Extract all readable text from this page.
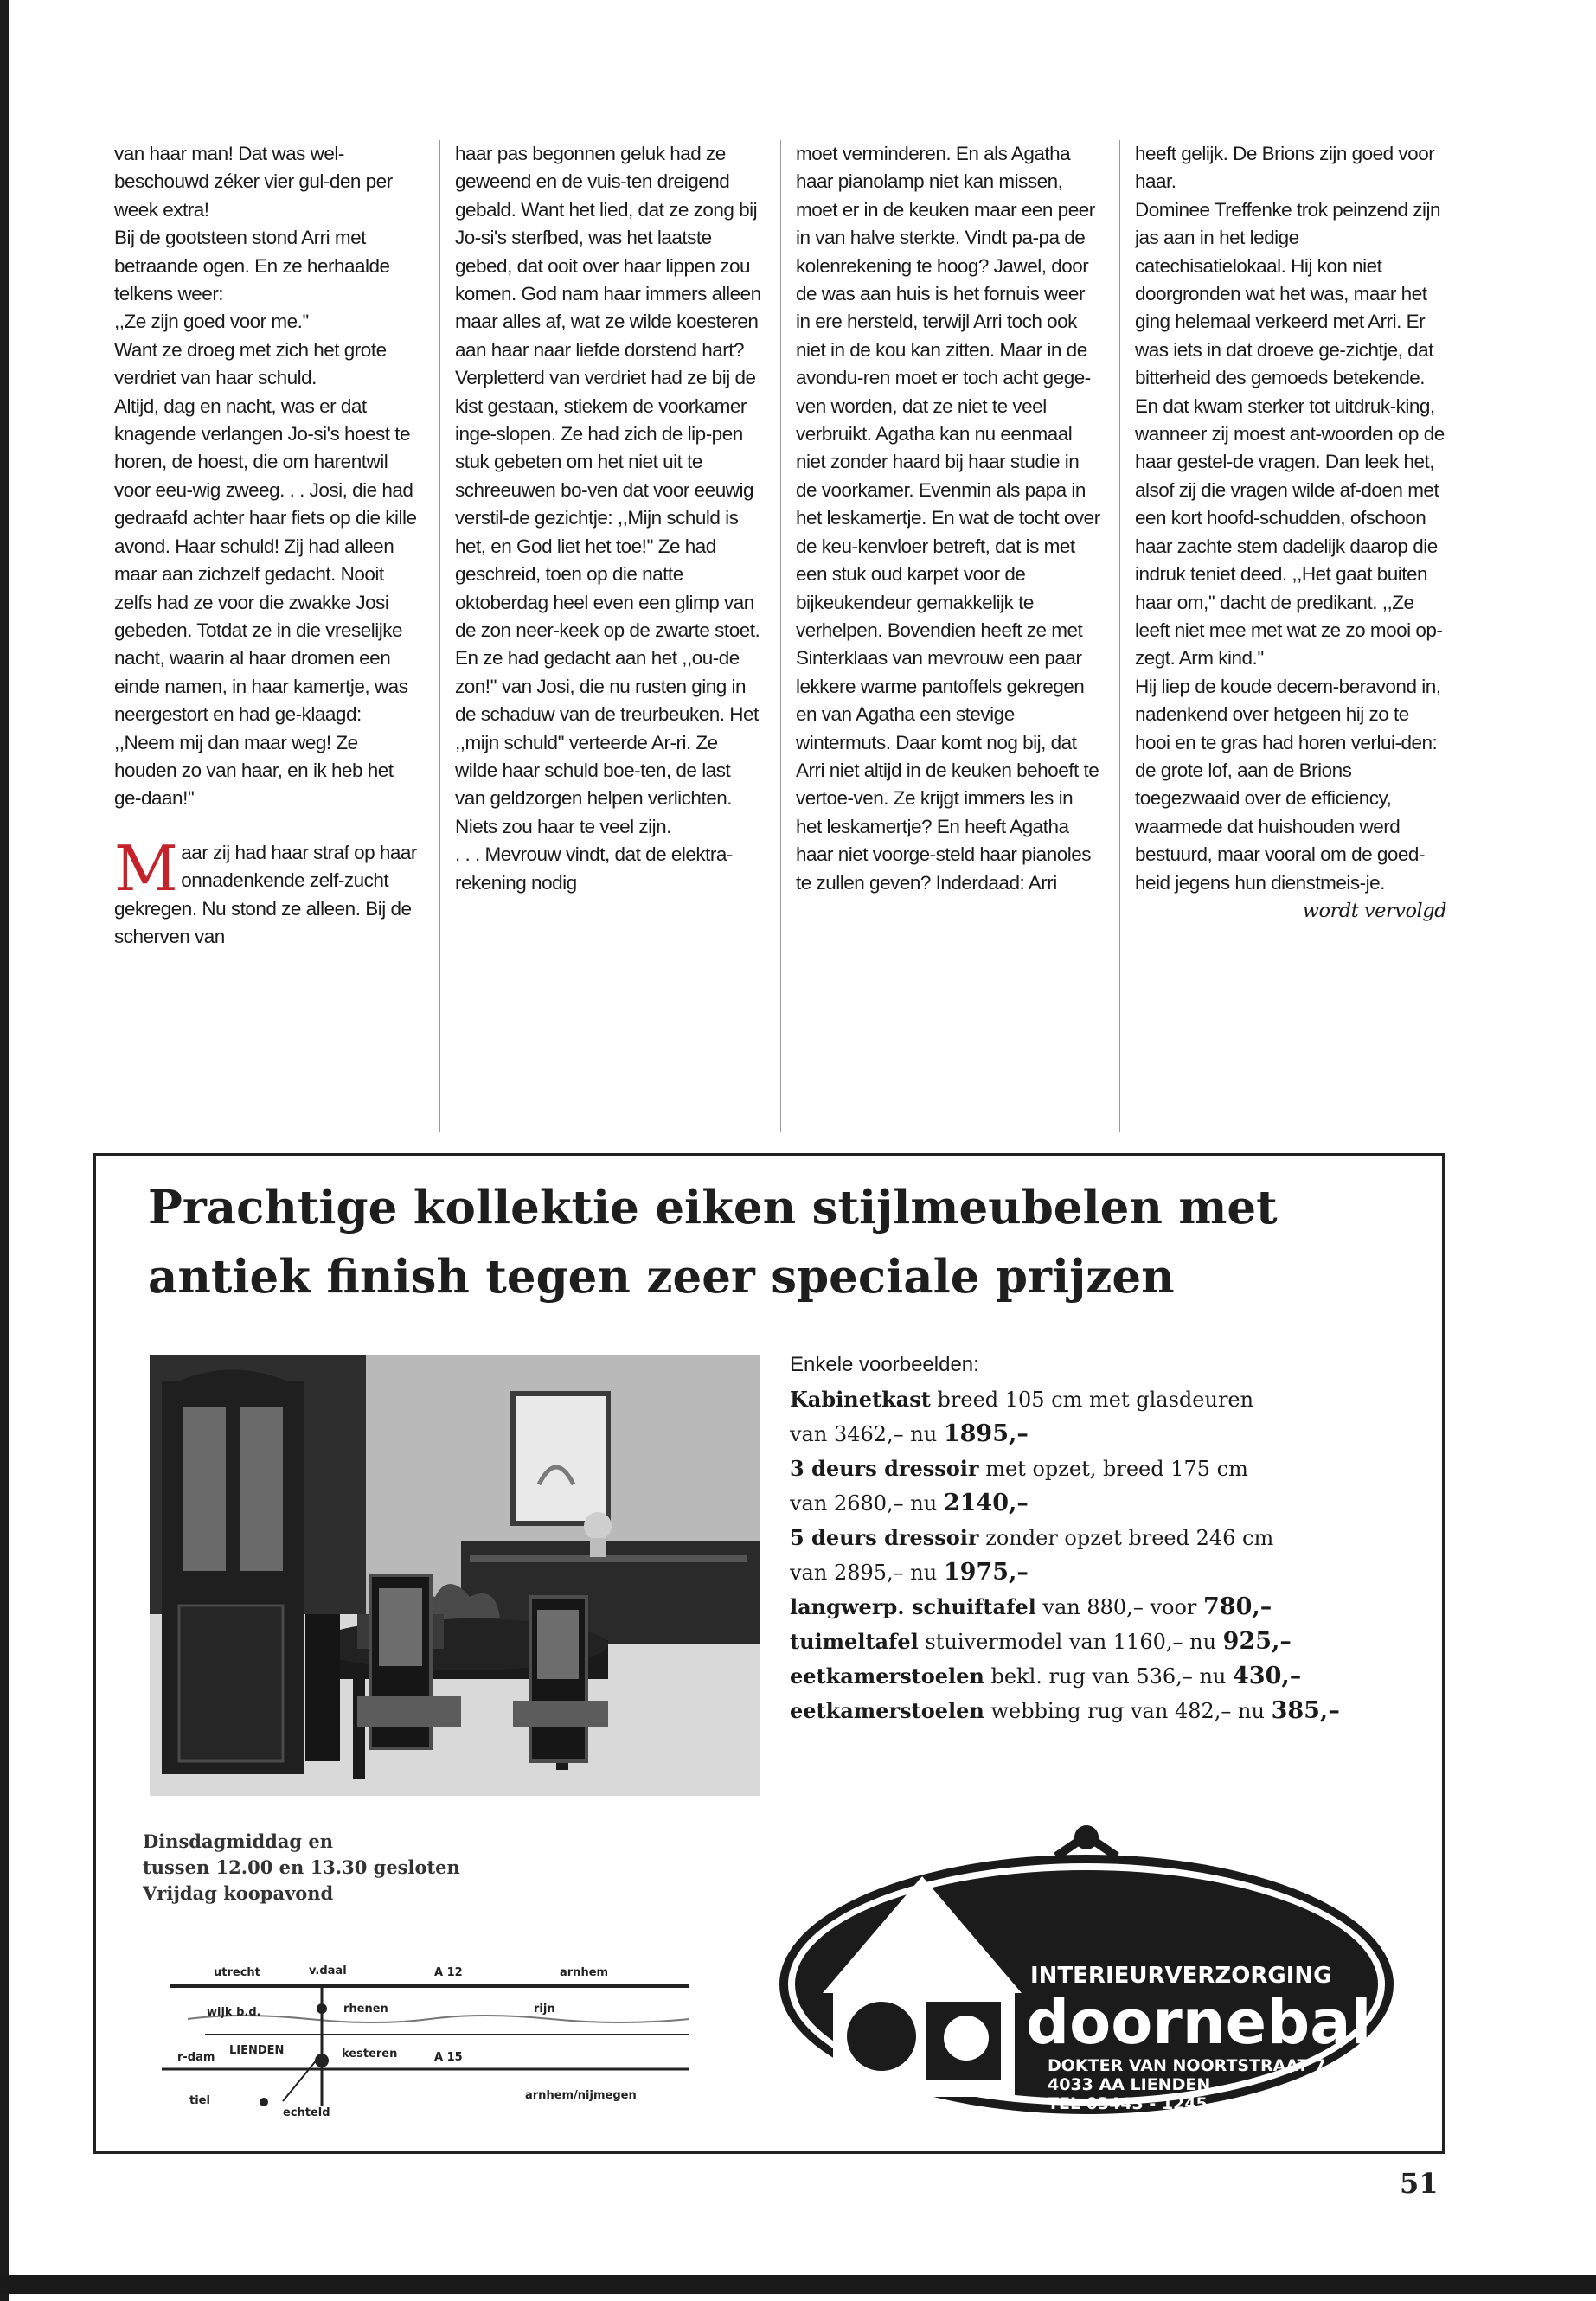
van haar man! Dat was wel-beschouwd zéker vier gul-den per week extra!

Bij de gootsteen stond Arri met betraande ogen. En ze herhaalde telkens weer:

,,Ze zijn goed voor me.''

Want ze droeg met zich het grote verdriet van haar schuld.

Altijd, dag en nacht, was er dat knagende verlangen Jo-si's hoest te horen, de hoest, die om harentwil voor eeu-wig zweeg. . . Josi, die had gedraafd achter haar fiets op die kille avond. Haar schuld! Zij had alleen maar aan zichzelf gedacht. Nooit zelfs had ze voor die zwakke Josi gebeden. Totdat ze in die vreselijke nacht, waarin al haar dromen een einde namen, in haar kamertje, was neergestort en had ge-klaagd: ,,Neem mij dan maar weg! Ze houden zo van haar, en ik heb het ge-daan!''

Maar zij had haar straf op haar onnadenkende zelf-zucht gekregen. Nu stond ze alleen. Bij de scherven van

haar pas begonnen geluk had ze geweend en de vuis-ten dreigend gebald. Want het lied, dat ze zong bij Jo-si's sterfbed, was het laatste gebed, dat ooit over haar lippen zou komen. God nam haar immers alleen maar alles af, wat ze wilde koesteren aan haar naar liefde dorstend hart?

Verpletterd van verdriet had ze bij de kist gestaan, stiekem de voorkamer inge-slopen. Ze had zich de lip-pen stuk gebeten om het niet uit te schreeuwen bo-ven dat voor eeuwig verstil-de gezichtje: ,,Mijn schuld is het, en God liet het toe!'' Ze had geschreid, toen op die natte oktoberdag heel even een glimp van de zon neer-keek op de zwarte stoet. En ze had gedacht aan het ,,ou-de zon!'' van Josi, die nu rusten ging in de schaduw van de treurbeuken. Het ,,mijn schuld'' verteerde Ar-ri. Ze wilde haar schuld boe-ten, de last van geldzorgen helpen verlichten. Niets zou haar te veel zijn.

. . . Mevrouw vindt, dat de elektra-rekening nodig

moet verminderen. En als Agatha haar pianolamp niet kan missen, moet er in de keuken maar een peer in van halve sterkte. Vindt pa-pa de kolenrekening te hoog? Jawel, door de was aan huis is het fornuis weer in ere hersteld, terwijl Arri toch ook niet in de kou kan zitten. Maar in de avondu-ren moet er toch acht gege-ven worden, dat ze niet te veel verbruikt. Agatha kan nu eenmaal niet zonder haard bij haar studie in de voorkamer. Evenmin als papa in het leskamertje. En wat de tocht over de keu-kenvloer betreft, dat is met een stuk oud karpet voor de bijkeukendeur gemakkelijk te verhelpen. Bovendien heeft ze met Sinterklaas van mevrouw een paar lekkere warme pantoffels gekregen en van Agatha een stevige wintermuts. Daar komt nog bij, dat Arri niet altijd in de keuken behoeft te vertoe-ven. Ze krijgt immers les in het leskamertje? En heeft Agatha haar niet voorge-steld haar pianoles te zullen geven? Inderdaad: Arri

heeft gelijk. De Brions zijn goed voor haar.

Dominee Treffenke trok peinzend zijn jas aan in het ledige catechisatielokaal. Hij kon niet doorgronden wat het was, maar het ging helemaal verkeerd met Arri. Er was iets in dat droeve ge-zichtje, dat bitterheid des gemoeds betekende. En dat kwam sterker tot uitdruk-king, wanneer zij moest ant-woorden op de haar gestel-de vragen. Dan leek het, alsof zij die vragen wilde af-doen met een kort hoofd-schudden, ofschoon haar zachte stem dadelijk daarop die indruk teniet deed. ,,Het gaat buiten haar om,'' dacht de predikant. ,,Ze leeft niet mee met wat ze zo mooi op-zegt. Arm kind.''

Hij liep de koude decem-beravond in, nadenkend over hetgeen hij zo te hooi en te gras had horen verlui-den: de grote lof, aan de Brions toegezwaaid over de efficiency, waarmede dat huishouden werd bestuurd, maar vooral om de goed-heid jegens hun dienstmeis-je.

wordt vervolgd

Prachtige kollektie eiken stijlmeubelen met antiek finish tegen zeer speciale prijzen
Enkele voorbeelden:
Kabinetkast breed 105 cm met glasdeuren
van 3462,– nu 1895,–
3 deurs dressoir met opzet, breed 175 cm
van 2680,– nu 2140,–
5 deurs dressoir zonder opzet breed 246 cm
van 2895,– nu 1975,–
langwerp. schuiftafel van 880,– voor 780,–
tuimeltafel stuivermodel van 1160,– nu 925,–
eetkamerstoelen bekl. rug van 536,– nu 430,–
eetkamerstoelen webbing rug van 482,– nu 385,–
Dinsdagmiddag en
tussen 12.00 en 13.30 gesloten
Vrijdag koopavond
utrecht	v.daal	A 12	arnhem
wijk b.d.	rhenen	rijn
r-dam
LIENDEN	kesteren	A 15
tiel
echteld
arnhem/nijmegen
INTERIEURVERZORGING
doornebal
DOKTER VAN NOORTSTRAAT 7
4033 AA LIENDEN
TEL 03443 - 1245
51
